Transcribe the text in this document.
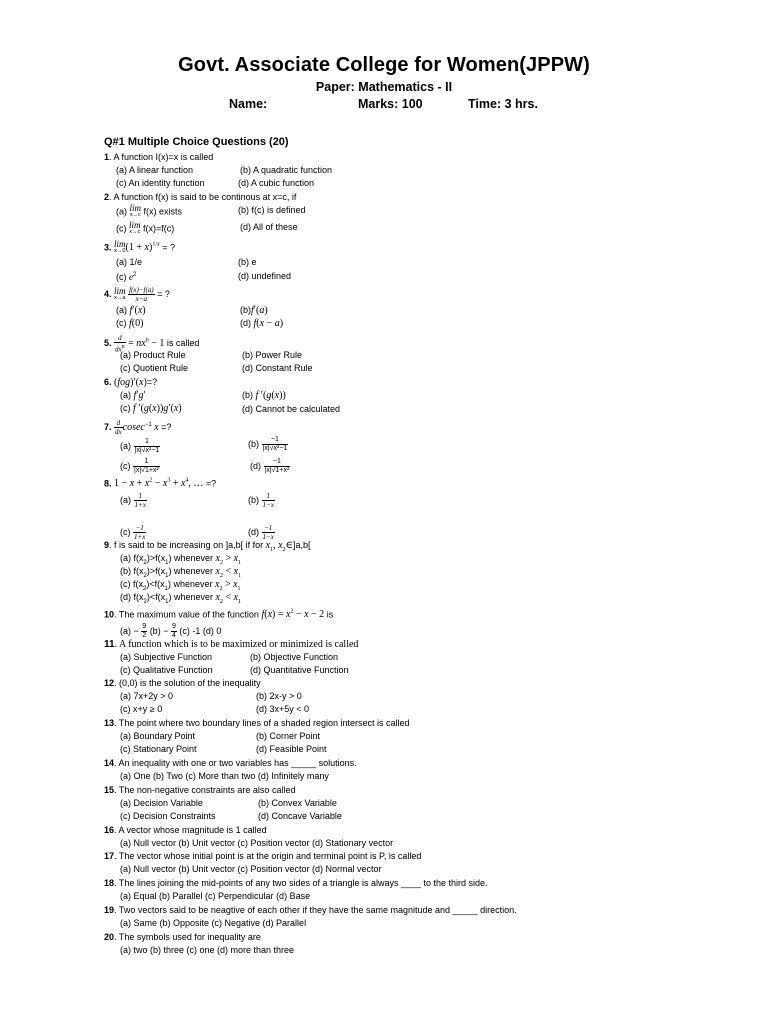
Govt. Associate College for Women(JPPW)
Paper: Mathematics - II
Name:	Marks: 100	Time: 3 hrs.
Q#1 Multiple Choice Questions (20)
1. A function I(x)=x is called
(a) A linear function	(b) A quadratic function
(c) An identity function	(d) A cubic function
2. A function f(x) is said to be continous at x=c, if
(a) lim
x→c f(x) exists	(b) f(c) is defined
(c) lim
x→c f(x)=f(c)	(d) All of these
3. lim
x→0 $(1 + x)^{1/x}$ = ?
(a) 1/e	(b) e
(c) $e^2$	(d) undefined
4. lim
x→a
$\frac{f(x)-f(a)}{x-a}$ = ?
(a) f′(x)	(b)f′(a)
(c) f(0)	(d) f(x − a)
5. $\frac{d}{\text{dxn}} = nx^n - 1$ is called
(a) Product Rule	(b) Power Rule
(c) Quotient Rule	(d) Constant Rule
6. (fog)′(x)=?
(a) f′g′	(b) f ′(g(x))
(c) f ′(g(x))g′(x)	(d) Cannot be calculated
7. $\frac{d}{dx} cosec^{-1}$ x =?
$(a) \frac{1}{\text{|x|√x²−1}}$	$(b) \frac{-1}{\text{|x|√x²−1}}$
$(c) \frac{1}{\text{|x|√1+x²}}$	$(d) \frac{-1}{\text{|x|√1+x²}}$
8. $1 - x + x^2 - x^3 + x^4$, … =?
$(a) \frac{1}{1+x}$	$(b) \frac{1}{1-x}$
$(c) \frac{-1}{1+x}$	$(d) \frac{-1}{1-x}$
9. f is said to be increasing on ]a,b[ if for $x_1$, $x_2\in]a,b$[
(a) $f(x_2)>f(x_1)$ whenever $x_2 > x_1$
(b) $f(x_2)>f(x_1)$ whenever $x_2 < x_1$
(c) $f(x_2)<f(x_1)$ whenever $x_2 > x_1$
(d) $f(x_2)<f(x_1)$ whenever $x_2 < x_1$
10. The maximum value of the function $f(x) = x^2 - x - 2$ is
$(a) - \frac{9}{2} (b) - \frac{9}{4} (c)$ -1 (d) 0
11. A function which is to be maximized or minimized is called
(a) Subjective Function	(b) Objective Function
(c) Qualitative Function	(d) Quantitative Function
12. (0,0) is the solution of the inequality
(a) 7x+2y > 0	(b) 2x-y > 0
(c) x+y ≥ 0	(d) 3x+5y < 0
13. The point where two boundary lines of a shaded region intersect is called
(a) Boundary Point	(b) Corner Point
(c) Stationary Point	(d) Feasible Point
14. An inequality with one or two variables has _____ solutions.
(a) One (b) Two (c) More than two (d) Infinitely many
15. The non-negative constraints are also called
(a) Decision Variable	(b) Convex Variable
(c) Decision Constraints	(d) Concave Variable
16. A vector whose magnitude is 1 called
(a) Null vector (b) Unit vector (c) Position vector (d) Stationary vector
17. The vector whose initial point is at the origin and terminal point is P, is called
(a) Null vector (b) Unit vector (c) Position vector (d) Normal vector
18. The lines joining the mid-points of any two sides of a triangle is always ____ to the third side.
(a) Equal (b) Parallel (c) Perpendicular (d) Base
19. Two vectors said to be neagtive of each other if they have the same magnitude and _____ direction.
(a) Same (b) Opposite (c) Negative (d) Parallel
20. The symbols used for inequality are
(a) two (b) three (c) one (d) more than three
